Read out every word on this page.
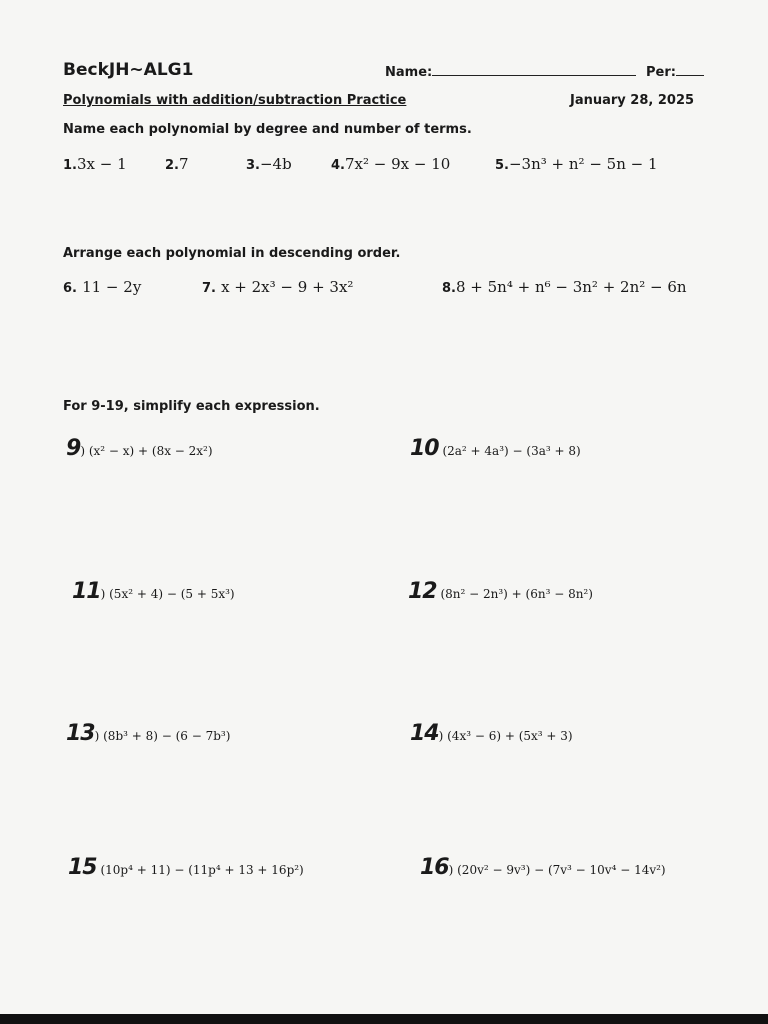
BeckJH~ALG1	Name:	Per:
Polynomials with addition/subtraction Practice	January 28, 2025
Name each polynomial by degree and number of terms.
1.3x − 1	2.7	3.−4b	4.7x² − 9x − 10	5.−3n³ + n² − 5n − 1
Arrange each polynomial in descending order.
6. 11 − 2y	7. x + 2x³ − 9 + 3x²	8.8 + 5n⁴ + n⁶ − 3n² + 2n² − 6n
For 9-19, simplify each expression.
9) (x² − x) + (8x − 2x²)	10 (2a² + 4a³) − (3a³ + 8)
11) (5x² + 4) − (5 + 5x³)	12 (8n² − 2n³) + (6n³ − 8n²)
13) (8b³ + 8) − (6 − 7b³)	14) (4x³ − 6) + (5x³ + 3)
15 (10p⁴ + 11) − (11p⁴ + 13 + 16p²)	16) (20v² − 9v³) − (7v³ − 10v⁴ − 14v²)
